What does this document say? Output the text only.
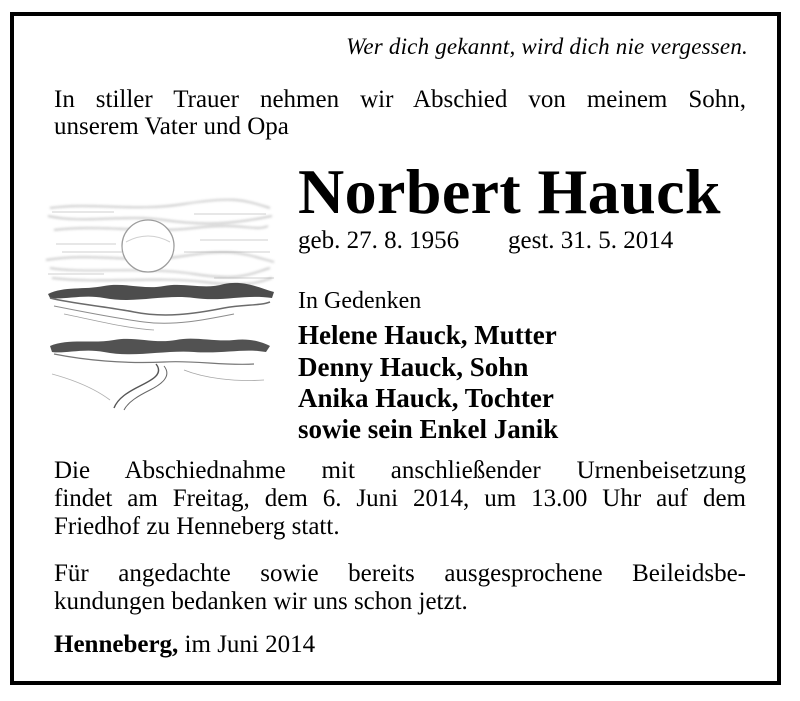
Wer dich gekannt, wird dich nie vergessen.
In stiller Trauer nehmen wir Abschied von meinem Sohn,
unserem Vater und Opa
Norbert Hauck
geb. 27. 8. 1956 gest. 31. 5. 2014
In Gedenken
Helene Hauck, Mutter
Denny Hauck, Sohn
Anika Hauck, Tochter
sowie sein Enkel Janik
Die Abschiednahme mit anschließender Urnenbeisetzung
findet am Freitag, dem 6. Juni 2014, um 13.00 Uhr auf dem
Friedhof zu Henneberg statt.
Für angedachte sowie bereits ausgesprochene Beileidsbe-
kundungen bedanken wir uns schon jetzt.
Henneberg, im Juni 2014
